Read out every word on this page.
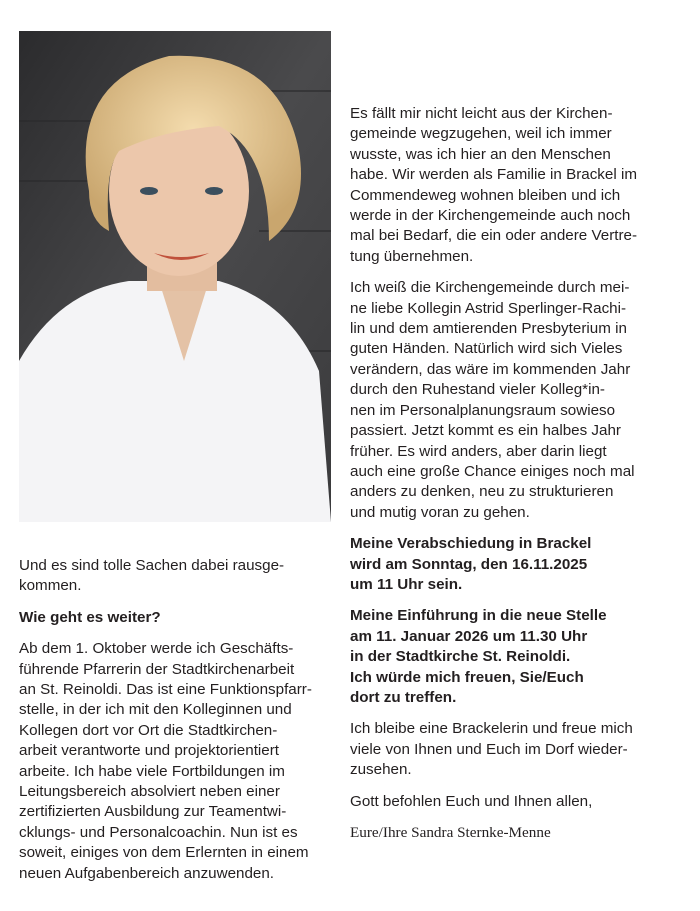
Und es sind tolle Sachen dabei rausge-
kommen.

Wie geht es weiter?

Ab dem 1. Oktober werde ich Geschäfts-
führende Pfarrerin der Stadtkirchenarbeit
an St. Reinoldi. Das ist eine Funktionspfarr-
stelle, in der ich mit den Kolleginnen und
Kollegen dort vor Ort die Stadtkirchen-
arbeit verantworte und projektorientiert
arbeite. Ich habe viele Fortbildungen im
Leitungsbereich absolviert neben einer
zertifizierten Ausbildung zur Teamentwi-
cklungs- und Personalcoachin. Nun ist es
soweit, einiges von dem Erlernten in einem
neuen Aufgabenbereich anzuwenden.

Es fällt mir nicht leicht aus der Kirchen-
gemeinde wegzugehen, weil ich immer
wusste, was ich hier an den Menschen
habe. Wir werden als Familie in Brackel im
Commendeweg wohnen bleiben und ich
werde in der Kirchengemeinde auch noch
mal bei Bedarf, die ein oder andere Vertre-
tung übernehmen.

Ich weiß die Kirchengemeinde durch mei-
ne liebe Kollegin Astrid Sperlinger-Rachi-
lin und dem amtierenden Presbyterium in
guten Händen. Natürlich wird sich Vieles
verändern, das wäre im kommenden Jahr
durch den Ruhestand vieler Kolleg*in-
nen im Personalplanungsraum sowieso
passiert. Jetzt kommt es ein halbes Jahr
früher. Es wird anders, aber darin liegt
auch eine große Chance einiges noch mal
anders zu denken, neu zu strukturieren
und mutig voran zu gehen.

Meine Verabschiedung in Brackel
wird am Sonntag, den 16.11.2025
um 11 Uhr sein.

Meine Einführung in die neue Stelle
am 11. Januar 2026 um 11.30 Uhr
in der Stadtkirche St. Reinoldi.
Ich würde mich freuen, Sie/Euch
dort zu treffen.

Ich bleibe eine Brackelerin und freue mich
viele von Ihnen und Euch im Dorf wieder-
zusehen.

Gott befohlen Euch und Ihnen allen,

Eure/Ihre Sandra Sternke-Menne
